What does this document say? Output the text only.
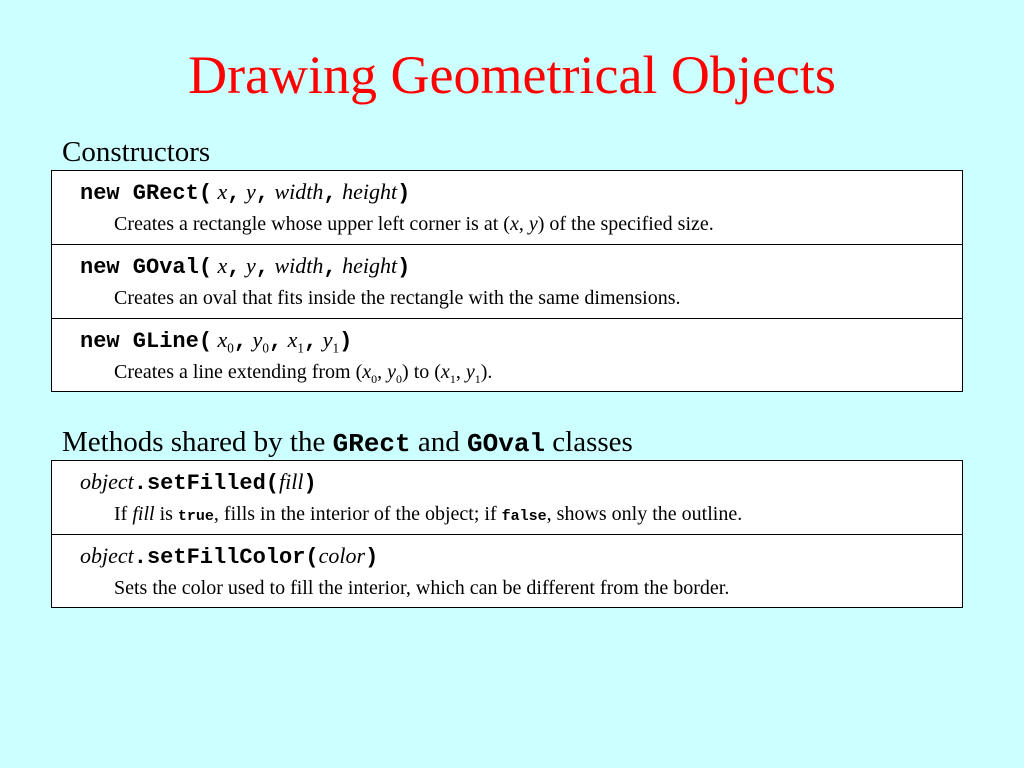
Drawing Geometrical Objects
Constructors
new GRect( x, y, width, height)
Creates a rectangle whose upper left corner is at (x, y) of the specified size.
new GOval( x, y, width, height)
Creates an oval that fits inside the rectangle with the same dimensions.
new GLine( $x_0$, $y_0$, $x_1$, $y_1$)
Creates a line extending from ($x_0$, $y_0$) to ($x_1$, $y_1$).
Methods shared by the GRect and GOval classes
object.setFilled(fill)
If fill is true, fills in the interior of the object; if false, shows only the outline.
object.setFillColor(color)
Sets the color used to fill the interior, which can be different from the border.
